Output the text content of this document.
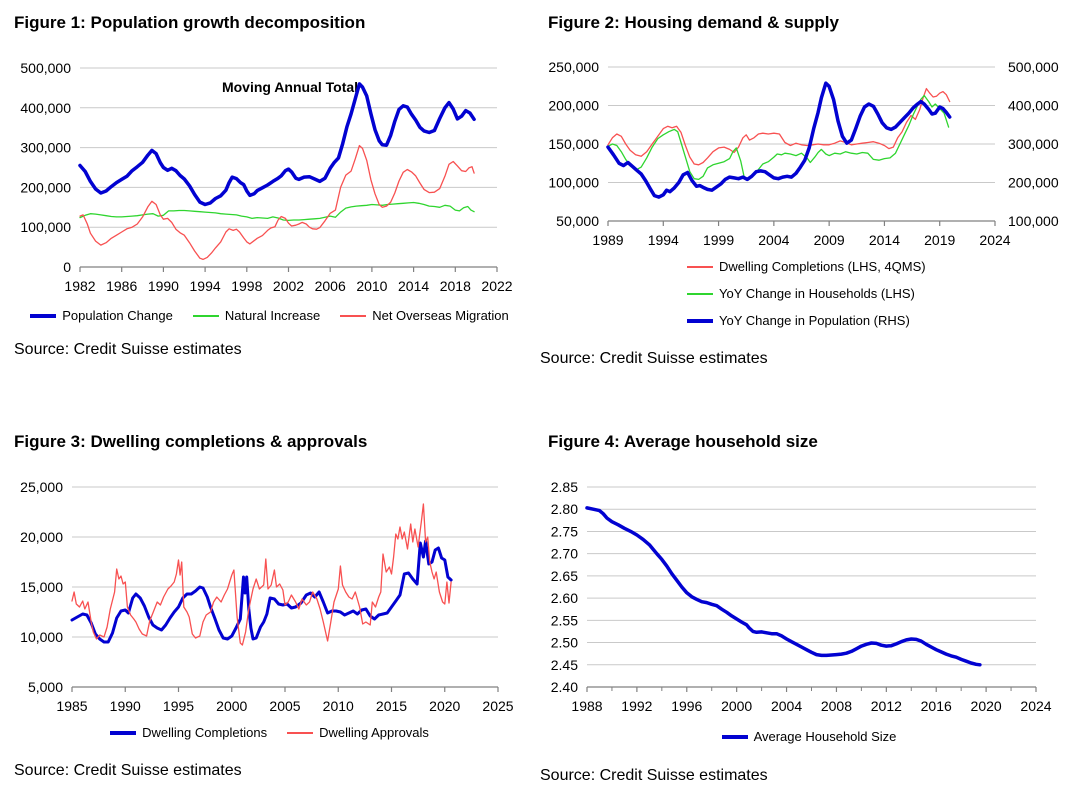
1982 1986 1990 1994 1998 2002 2006 2010 2014 2018 2022
0
100,000
200,000
300,000
400,000
500,000
Moving Annual Total
1989 1994 1999 2004 2009 2014 2019 2024
50,000
100,000
150,000
200,000
250,000
100,000
200,000
300,000
400,000
500,000
1985 1990 1995 2000 2005 2010 2015 2020 2025
5,000
10,000
15,000
20,000
25,000
1988 1992 1996 2000 2004 2008 2012 2016 2020 2024
2.40
2.45
2.50
2.55
2.60
2.65
2.70
2.75
2.80
2.85
Figure 1: Population growth decomposition	Figure 2: Housing demand & supply
Figure 3: Dwelling completions & approvals	Figure 4: Average household size
Population Change	Natural Increase	Net Overseas Migration
Dwelling Completions (LHS, 4QMS)
YoY Change in Households (LHS)
YoY Change in Population (RHS)
Dwelling Completions	Dwelling Approvals	Average Household Size
Source: Credit Suisse estimates
Source: Credit Suisse estimates
Source: Credit Suisse estimates	Source: Credit Suisse estimates
